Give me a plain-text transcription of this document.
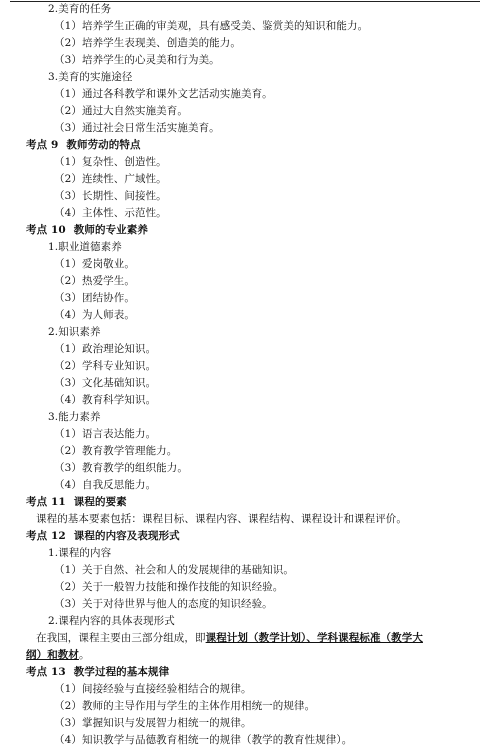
2.美育的任务
（1）培养学生正确的审美观，具有感受美、鉴赏美的知识和能力。
（2）培养学生表现美、创造美的能力。
（3）培养学生的心灵美和行为美。
3.美育的实施途径
（1）通过各科教学和课外文艺活动实施美育。
（2）通过大自然实施美育。
（3）通过社会日常生活实施美育。
考点 9 教师劳动的特点
（1）复杂性、创造性。
（2）连续性、广域性。
（3）长期性、间接性。
（4）主体性、示范性。
考点 10 教师的专业素养
1.职业道德素养
（1）爱岗敬业。
（2）热爱学生。
（3）团结协作。
（4）为人师表。
2.知识素养
（1）政治理论知识。
（2）学科专业知识。
（3）文化基础知识。
（4）教育科学知识。
3.能力素养
（1）语言表达能力。
（2）教育教学管理能力。
（3）教育教学的组织能力。
（4）自我反思能力。
考点 11 课程的要素
课程的基本要素包括：课程目标、课程内容、课程结构、课程设计和课程评价。
考点 12 课程的内容及表现形式
1.课程的内容
（1）关于自然、社会和人的发展规律的基础知识。
（2）关于一般智力技能和操作技能的知识经验。
（3）关于对待世界与他人的态度的知识经验。
2.课程内容的具体表现形式
在我国，课程主要由三部分组成，即课程计划（教学计划）、学科课程标准（教学大
纲）和教材。
考点 13 教学过程的基本规律
（1）间接经验与直接经验相结合的规律。
（2）教师的主导作用与学生的主体作用相统一的规律。
（3）掌握知识与发展智力相统一的规律。
（4）知识教学与品德教育相统一的规律（教学的教育性规律）。
